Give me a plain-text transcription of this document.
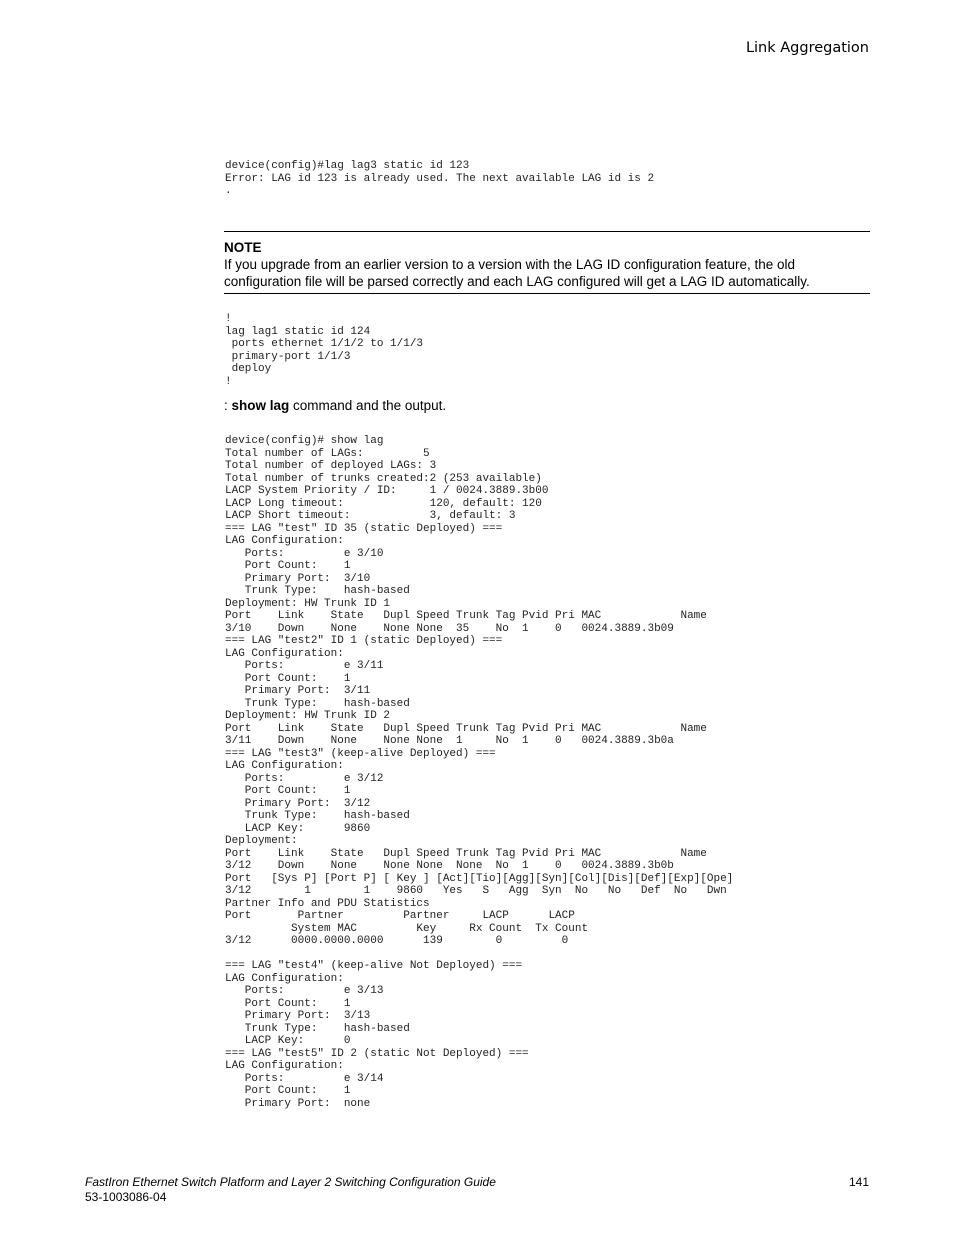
Link Aggregation
device(config)#lag lag3 static id 123
Error: LAG id 123 is already used. The next available LAG id is 2
.
NOTE
If you upgrade from an earlier version to a version with the LAG ID configuration feature, the old configuration file will be parsed correctly and each LAG configured will get a LAG ID automatically.
!
lag lag1 static id 124
ports ethernet 1/1/2 to 1/1/3
primary-port 1/1/3
deploy
!
: show lag command and the output.
device(config)# show lag
Total number of LAGs:         5
Total number of deployed LAGs: 3
Total number of trunks created:2 (253 available)
LACP System Priority / ID:     1 / 0024.3889.3b00
LACP Long timeout:             120, default: 120
LACP Short timeout:            3, default: 3
=== LAG "test" ID 35 (static Deployed) ===
LAG Configuration:
Ports:         e 3/10
Port Count:    1
Primary Port:  3/10
Trunk Type:    hash-based
Deployment: HW Trunk ID 1
Port    Link    State   Dupl Speed Trunk Tag Pvid Pri MAC            Name
3/10    Down    None    None None  35    No  1    0   0024.3889.3b09
=== LAG "test2" ID 1 (static Deployed) ===
LAG Configuration:
Ports:         e 3/11
Port Count:    1
Primary Port:  3/11
Trunk Type:    hash-based
Deployment: HW Trunk ID 2
Port    Link    State   Dupl Speed Trunk Tag Pvid Pri MAC            Name
3/11    Down    None    None None  1     No  1    0   0024.3889.3b0a
=== LAG "test3" (keep-alive Deployed) ===
LAG Configuration:
Ports:         e 3/12
Port Count:    1
Primary Port:  3/12
Trunk Type:    hash-based
LACP Key:      9860
Deployment:
Port    Link    State   Dupl Speed Trunk Tag Pvid Pri MAC            Name
3/12    Down    None    None None  None  No  1    0   0024.3889.3b0b
Port   [Sys P] [Port P] [ Key ] [Act][Tio][Agg][Syn][Col][Dis][Def][Exp][Ope]
3/12        1        1    9860   Yes   S   Agg  Syn  No   No   Def  No   Dwn
Partner Info and PDU Statistics
Port       Partner         Partner     LACP      LACP
System MAC         Key     Rx Count  Tx Count
3/12      0000.0000.0000      139        0         0

=== LAG "test4" (keep-alive Not Deployed) ===
LAG Configuration:
Ports:         e 3/13
Port Count:    1
Primary Port:  3/13
Trunk Type:    hash-based
LACP Key:      0
=== LAG "test5" ID 2 (static Not Deployed) ===
LAG Configuration:
Ports:         e 3/14
Port Count:    1
Primary Port:  none
FastIron Ethernet Switch Platform and Layer 2 Switching Configuration Guide
53-1003086-04
141
